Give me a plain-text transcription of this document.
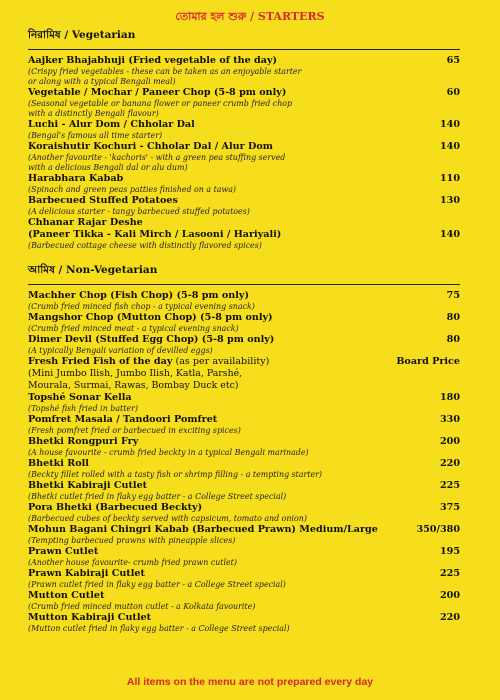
তোমার হল শুরু / STARTERS
নিরামিষ / Vegetarian
Aajker Bhajabhuji (Fried vegetable of the day)	65
(Crispy fried vegetables - these can be taken as an enjoyable starter
or along with a typical Bengali meal)
Vegetable / Mochar / Paneer Chop (5-8 pm only)	60
(Seasonal vegetable or banana flower or paneer crumb fried chop
with a distinctly Bengali flavour)
Luchi - Alur Dom / Chholar Dal	140
(Bengal's famous all time starter)
Koraishutir Kochuri - Chholar Dal / Alur Dom	140
(Another favourite - 'kachoris' - with a green pea stuffing served
with a delicious Bengali dal or alu dum)
Harabhara Kabab	110
(Spinach and green peas patties finished on a tawa)
Barbecued Stuffed Potatoes	130
(A delicious starter - tangy barbecued stuffed potatoes)
Chhanar Rajar Deshe
(Paneer Tikka - Kali Mirch / Lasooni / Hariyali)	140
(Barbecued cottage cheese with distinctly flavored spices)
আমিষ / Non-Vegetarian
Machher Chop (Fish Chop) (5-8 pm only)	75
(Crumb fried minced fish chop - a typical evening snack)
Mangshor Chop (Mutton Chop) (5-8 pm only)	80
(Crumb fried minced meat - a typical evening snack)
Dimer Devil (Stuffed Egg Chop) (5-8 pm only)	80
(A typically Bengali variation of devilled eggs)
Fresh Fried Fish of the day (as per availability)	Board Price
(Mini Jumbo Ilish, Jumbo Ilish, Katla, Parshé,
Mourala, Surmai, Rawas, Bombay Duck etc)
Topshé Sonar Kella	180
(Topshé fish fried in batter)
Pomfret Masala / Tandoori Pomfret	330
(Fresh pomfret fried or barbecued in exciting spices)
Bhetki Rongpuri Fry	200
(A house favourite - crumb fried beckty in a typical Bengali marinade)
Bhetki Roll	220
(Beckty fillet rolled with a tasty fish or shrimp filling - a tempting starter)
Bhetki Kabiraji Cutlet	225
(Bhetki cutlet fried in flaky egg batter - a College Street special)
Pora Bhetki (Barbecued Beckty)	375
(Barbecued cubes of beckty served with capsicum, tomato and onion)
Mohun Bagani Chingri Kabab (Barbecued Prawn) Medium/Large	350/380
(Tempting barbecued prawns with pineapple slices)
Prawn Cutlet	195
(Another house favourite- crumb fried prawn cutlet)
Prawn Kabiraji Cutlet	225
(Prawn cutlet fried in flaky egg batter - a College Street special)
Mutton Cutlet	200
(Crumb fried minced mutton cutlet - a Kolkata favourite)
Mutton Kabiraji Cutlet	220
(Mutton cutlet fried in flaky egg batter - a College Street special)
All items on the menu are not prepared every day
